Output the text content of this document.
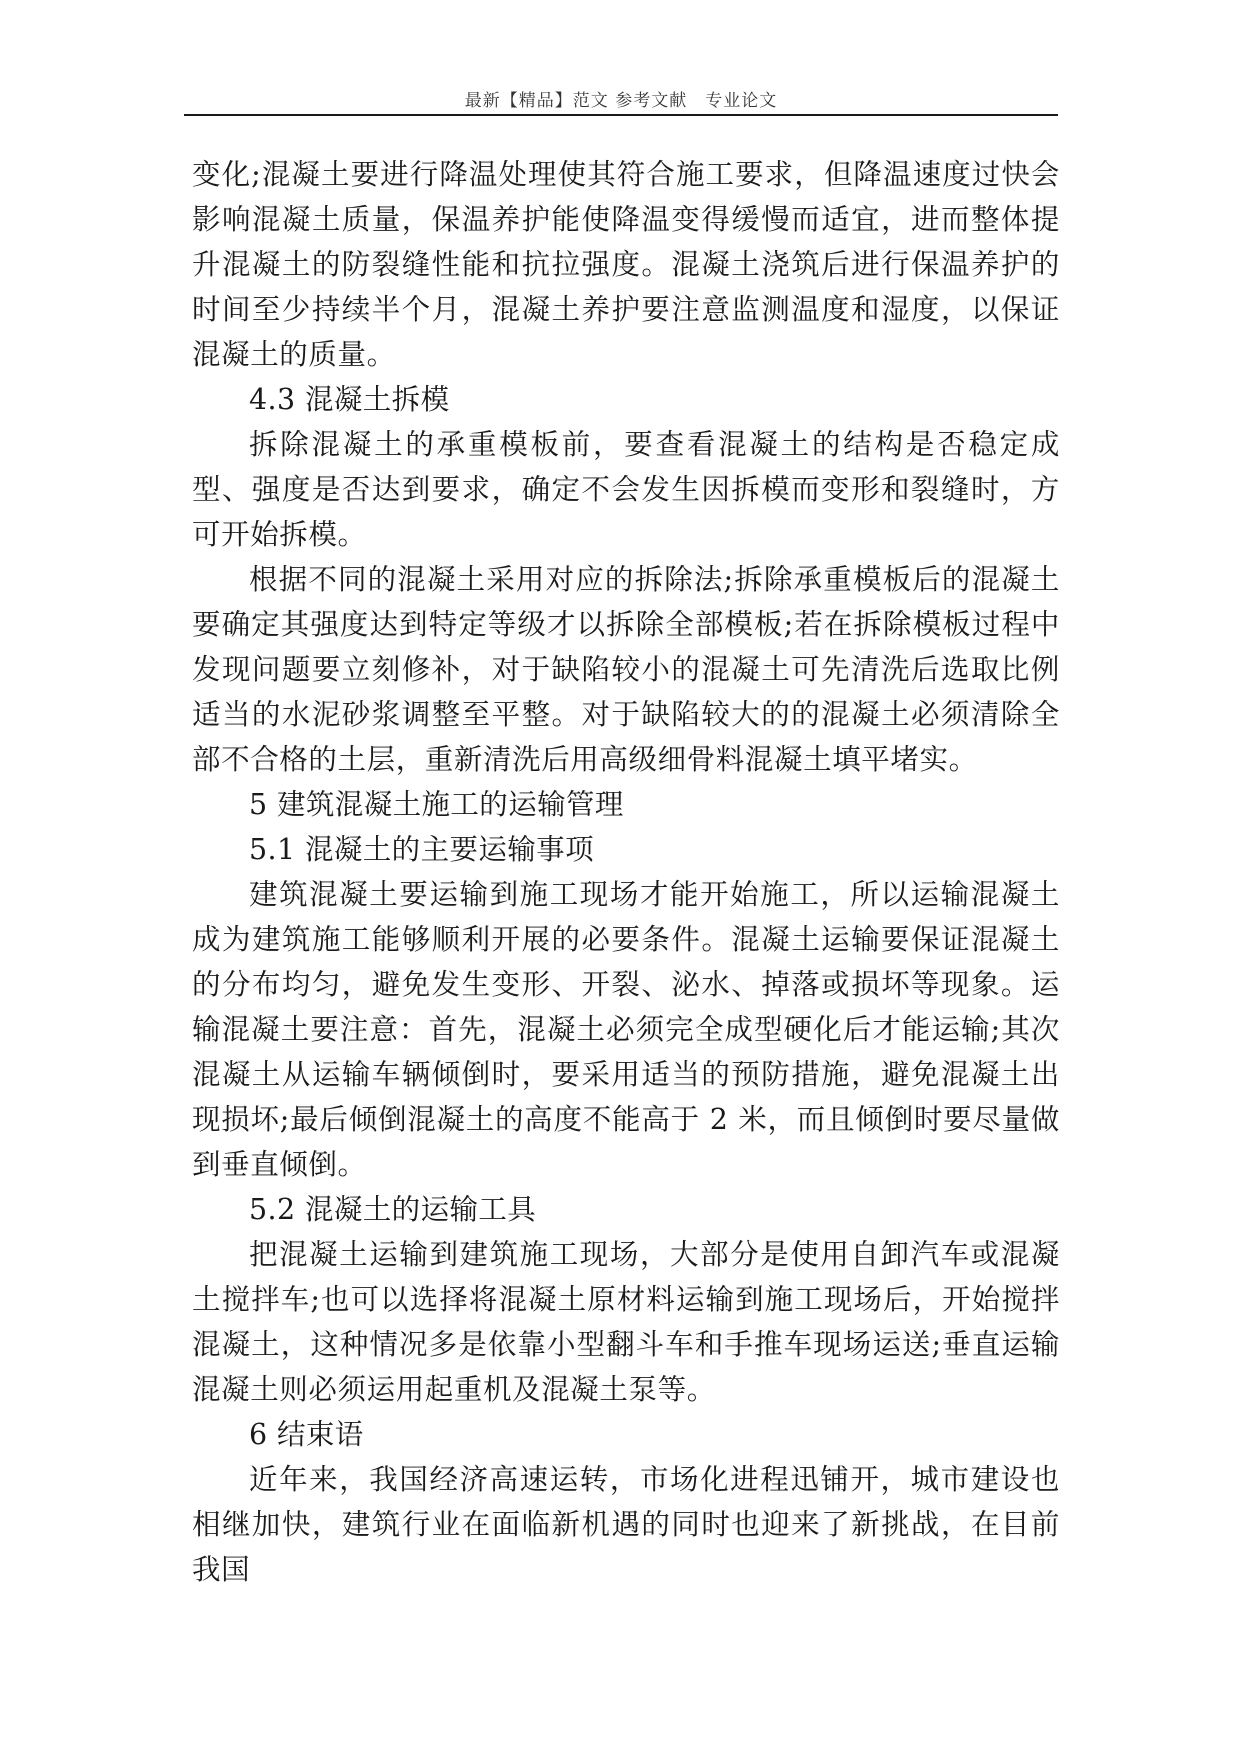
最新【精品】范文 参考文献　专业论文

变化;混凝土要进行降温处理使其符合施工要求，但降温速度过快会影响混凝土质量，保温养护能使降温变得缓慢而适宜，进而整体提升混凝土的防裂缝性能和抗拉强度。混凝土浇筑后进行保温养护的时间至少持续半个月，混凝土养护要注意监测温度和湿度，以保证混凝土的质量。

4.3 混凝土拆模

拆除混凝土的承重模板前，要查看混凝土的结构是否稳定成型、强度是否达到要求，确定不会发生因拆模而变形和裂缝时，方可开始拆模。

根据不同的混凝土采用对应的拆除法;拆除承重模板后的混凝土要确定其强度达到特定等级才以拆除全部模板;若在拆除模板过程中发现问题要立刻修补，对于缺陷较小的混凝土可先清洗后选取比例适当的水泥砂浆调整至平整。对于缺陷较大的的混凝土必须清除全部不合格的土层，重新清洗后用高级细骨料混凝土填平堵实。

5 建筑混凝土施工的运输管理

5.1 混凝土的主要运输事项

建筑混凝土要运输到施工现场才能开始施工，所以运输混凝土成为建筑施工能够顺利开展的必要条件。混凝土运输要保证混凝土的分布均匀，避免发生变形、开裂、泌水、掉落或损坏等现象。运输混凝土要注意：首先，混凝土必须完全成型硬化后才能运输;其次混凝土从运输车辆倾倒时，要采用适当的预防措施，避免混凝土出现损坏;最后倾倒混凝土的高度不能高于 2 米，而且倾倒时要尽量做到垂直倾倒。

5.2 混凝土的运输工具

把混凝土运输到建筑施工现场，大部分是使用自卸汽车或混凝土搅拌车;也可以选择将混凝土原材料运输到施工现场后，开始搅拌混凝土，这种情况多是依靠小型翻斗车和手推车现场运送;垂直运输混凝土则必须运用起重机及混凝土泵等。

6 结束语

近年来，我国经济高速运转，市场化进程迅铺开，城市建设也相继加快，建筑行业在面临新机遇的同时也迎来了新挑战，在目前我国
